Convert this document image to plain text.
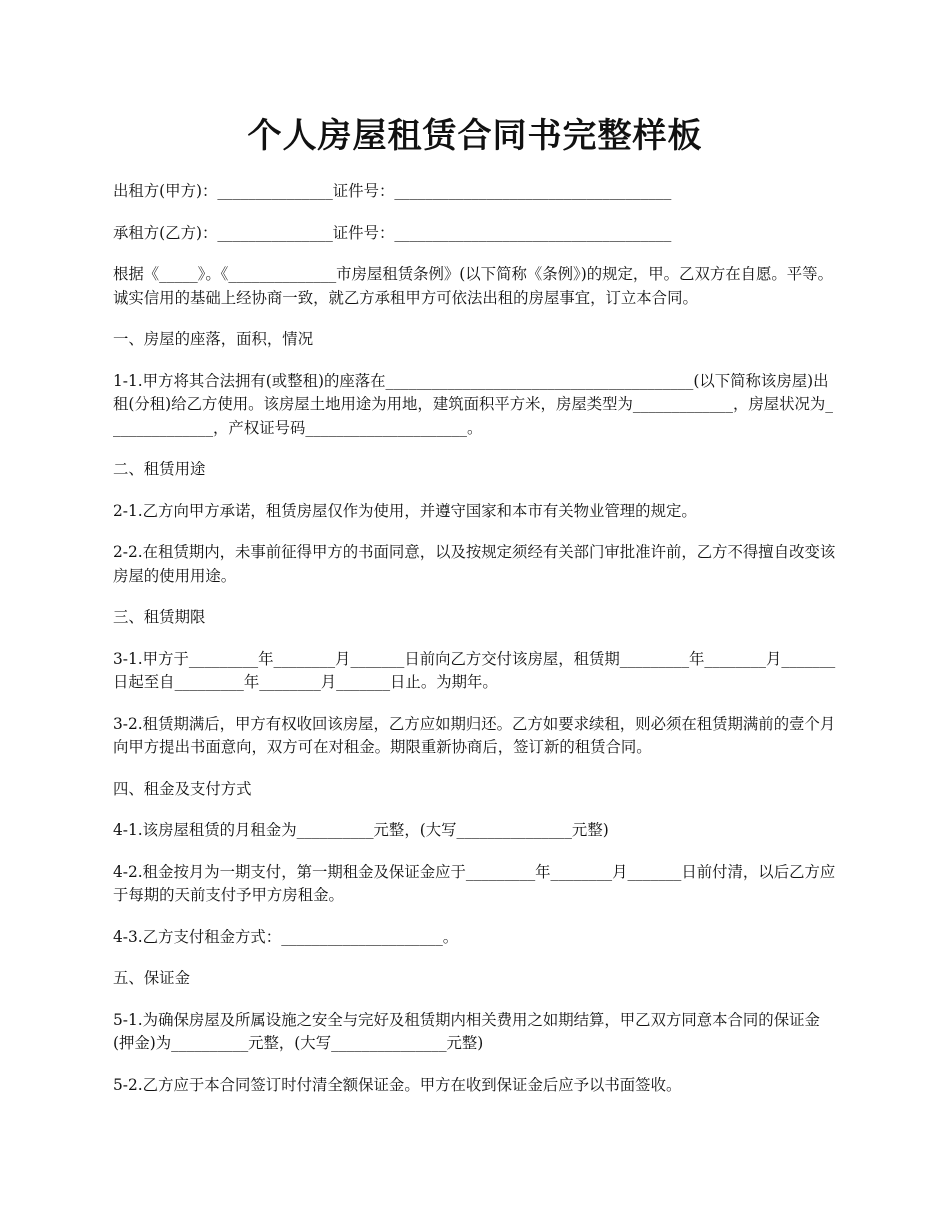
个人房屋租赁合同书完整样板

出租方(甲方)：_______________证件号：____________________________________

承租方(乙方)：_______________证件号：____________________________________

根据《_____》。《______________市房屋租赁条例》(以下简称《条例》)的规定，甲。乙双方在自愿。平等。诚实信用的基础上经协商一致，就乙方承租甲方可依法出租的房屋事宜，订立本合同。

一、房屋的座落，面积，情况

1-1.甲方将其合法拥有(或整租)的座落在________________________________________(以下简称该房屋)出租(分租)给乙方使用。该房屋土地用途为用地，建筑面积平方米，房屋类型为_____________，房屋状况为______________，产权证号码_____________________。

二、租赁用途

2-1.乙方向甲方承诺，租赁房屋仅作为使用，并遵守国家和本市有关物业管理的规定。

2-2.在租赁期内，未事前征得甲方的书面同意，以及按规定须经有关部门审批准许前，乙方不得擅自改变该房屋的使用用途。

三、租赁期限

3-1.甲方于_________年________月_______日前向乙方交付该房屋，租赁期_________年________月_______日起至自_________年________月_______日止。为期年。

3-2.租赁期满后，甲方有权收回该房屋，乙方应如期归还。乙方如要求续租，则必须在租赁期满前的壹个月向甲方提出书面意向，双方可在对租金。期限重新协商后，签订新的租赁合同。

四、租金及支付方式

4-1.该房屋租赁的月租金为__________元整，(大写_______________元整)

4-2.租金按月为一期支付，第一期租金及保证金应于_________年________月_______日前付清，以后乙方应于每期的天前支付予甲方房租金。

4-3.乙方支付租金方式：_____________________。

五、保证金

5-1.为确保房屋及所属设施之安全与完好及租赁期内相关费用之如期结算，甲乙双方同意本合同的保证金(押金)为__________元整，(大写_______________元整)

5-2.乙方应于本合同签订时付清全额保证金。甲方在收到保证金后应予以书面签收。
